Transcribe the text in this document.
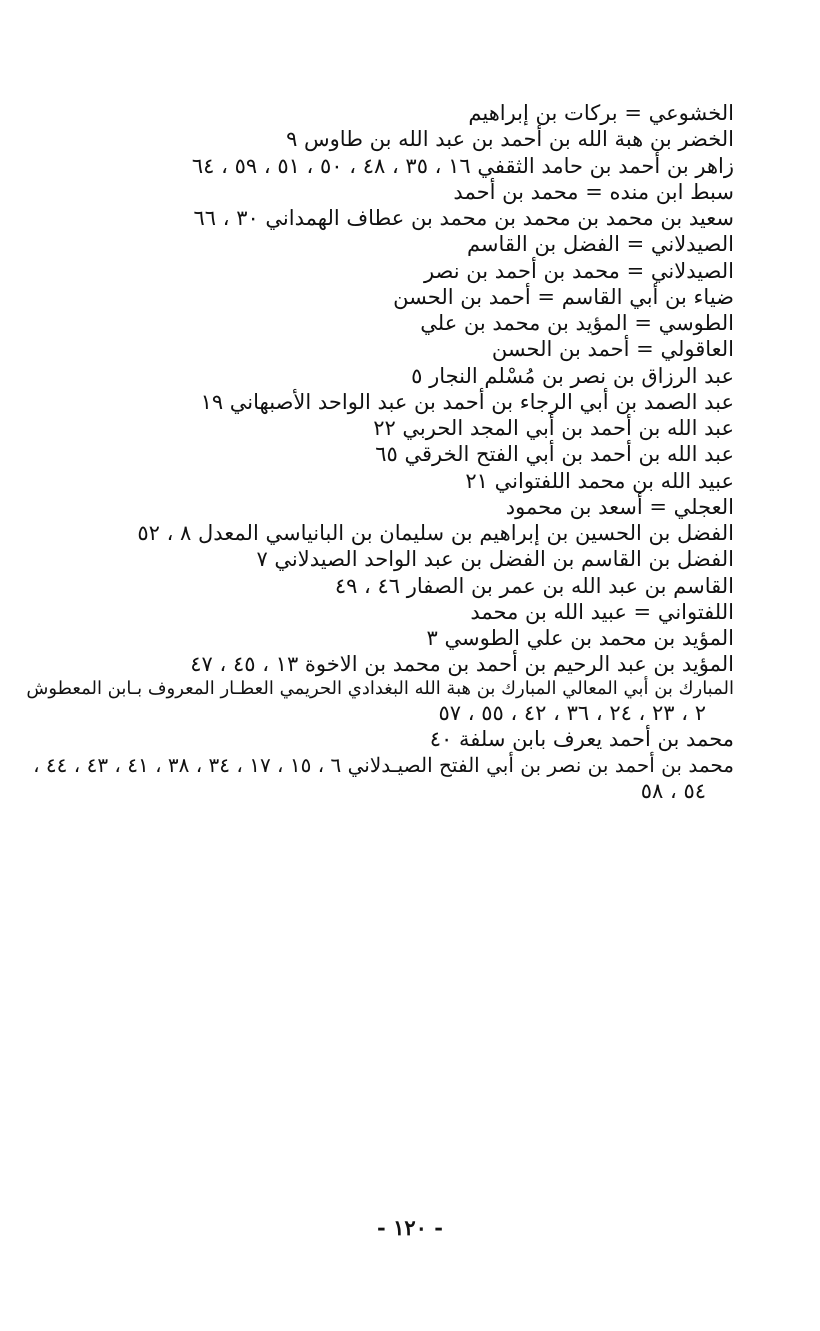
الخشوعي = بركات بن إبراهيم

الخضر بن هبة الله بن أحمد بن عبد الله بن طاوس ٩

زاهر بن أحمد بن حامد الثقفي ١٦ ، ٣٥ ، ٤٨ ، ٥٠ ، ٥١ ، ٥٩ ، ٦٤

سبط ابن منده = محمد بن أحمد

سعيد بن محمد بن محمد بن محمد بن عطاف الهمداني ٣٠ ، ٦٦

الصيدلاني = الفضل بن القاسم

الصيدلاني = محمد بن أحمد بن نصر

ضياء بن أبي القاسم = أحمد بن الحسن

الطوسي = المؤيد بن محمد بن علي

العاقولي = أحمد بن الحسن

عبد الرزاق بن نصر بن مُسْلم النجار ٥

عبد الصمد بن أبي الرجاء بن أحمد بن عبد الواحد الأصبهاني ١٩

عبد الله بن أحمد بن أبي المجد الحربي ٢٢

عبد الله بن أحمد بن أبي الفتح الخرقي ٦٥

عبيد الله بن محمد اللفتواني ٢١

العجلي = أسعد بن محمود

الفضل بن الحسين بن إبراهيم بن سليمان بن البانياسي المعدل ٨ ، ٥٢

الفضل بن القاسم بن الفضل بن عبد الواحد الصيدلاني ٧

القاسم بن عبد الله بن عمر بن الصفار ٤٦ ، ٤٩

اللفتواني = عبيد الله بن محمد

المؤيد بن محمد بن علي الطوسي ٣

المؤيد بن عبد الرحيم بن أحمد بن محمد بن الاخوة ١٣ ، ٤٥ ، ٤٧

المبارك بن أبي المعالي المبارك بن هبة الله البغدادي الحريمي العطـار المعروف بـابن المعطوش
٢ ، ٢٣ ، ٢٤ ، ٣٦ ، ٤٢ ، ٥٥ ، ٥٧

محمد بن أحمد يعرف بابن سلفة ٤٠

محمد بن أحمد بن نصر بن أبي الفتح الصيـدلاني ٦ ، ١٥ ، ١٧ ، ٣٤ ، ٣٨ ، ٤١ ، ٤٣ ، ٤٤ ،
٥٤ ، ٥٨

- ١٢٠ -
